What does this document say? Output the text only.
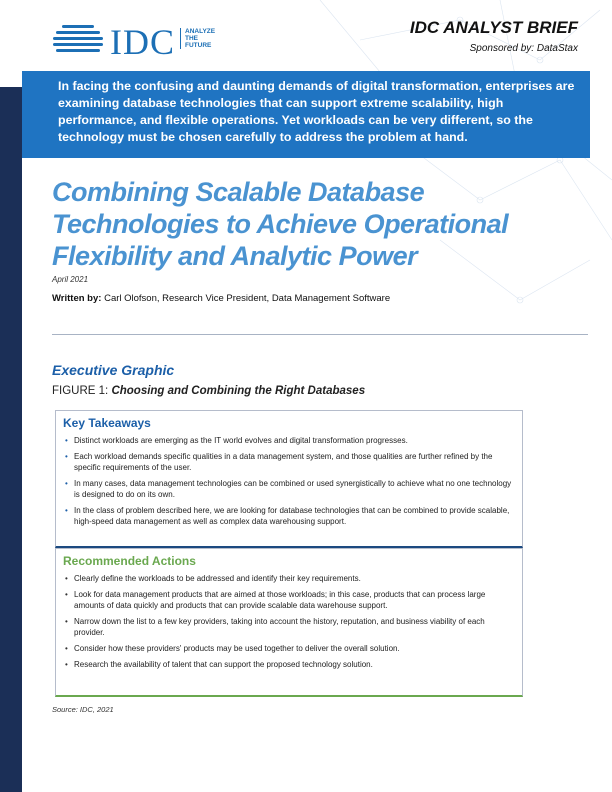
IDC ANALYZE
THE
FUTURE
IDC ANALYST BRIEF
Sponsored by: DataStax

In facing the confusing and daunting demands of digital transformation, enterprises are examining database technologies that can support extreme scalability, high performance, and flexible operations. Yet workloads can be very different, so the technology must be chosen carefully to address the problem at hand.

Combining Scalable Database Technologies to Achieve Operational Flexibility and Analytic Power
April 2021
Written by: Carl Olofson, Research Vice President, Data Management Software
Executive Graphic
FIGURE 1: Choosing and Combining the Right Databases
Key Takeaways
• Distinct workloads are emerging as the IT world evolves and digital transformation progresses.
• Each workload demands specific qualities in a data management system, and those qualities are further refined by the specific requirements of the user.
• In many cases, data management technologies can be combined or used synergistically to achieve what no one technology is designed to do on its own.
• In the class of problem described here, we are looking for database technologies that can be combined to provide scalable, high-speed data management as well as complex data warehousing support.
Recommended Actions
• Clearly define the workloads to be addressed and identify their key requirements.
• Look for data management products that are aimed at those workloads; in this case, products that can process large amounts of data quickly and products that can provide scalable data warehouse support.
• Narrow down the list to a few key providers, taking into account the history, reputation, and business viability of each provider.
• Consider how these providers' products may be used together to deliver the overall solution.
• Research the availability of talent that can support the proposed technology solution.
Source: IDC, 2021
